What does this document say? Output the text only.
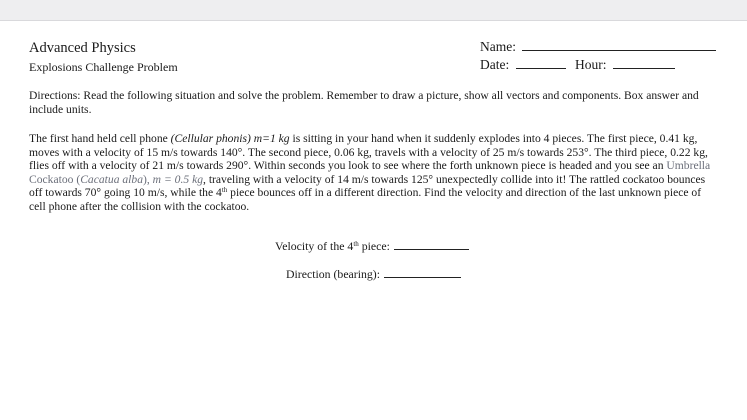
Advanced Physics
Explosions Challenge Problem
Name:
Date:	Hour:

Directions: Read the following situation and solve the problem. Remember to draw a picture, show all vectors and components. Box answer and include units.

The first hand held cell phone (Cellular phonis) m=1 kg is sitting in your hand when it suddenly explodes into 4 pieces. The first piece, 0.41 kg, moves with a velocity of 15 m/s towards 140°. The second piece, 0.06 kg, travels with a velocity of 25 m/s towards 253°. The third piece, 0.22 kg, flies off with a velocity of 21 m/s towards 290°. Within seconds you look to see where the forth unknown piece is headed and you see an Umbrella Cockatoo (Cacatua alba), m = 0.5 kg, traveling with a velocity of 14 m/s towards 125° unexpectedly collide into it! The rattled cockatoo bounces off towards 70° going 10 m/s, while the 4th piece bounces off in a different direction. Find the velocity and direction of the last unknown piece of cell phone after the collision with the cockatoo.

Velocity of the 4th piece:
Direction (bearing):
